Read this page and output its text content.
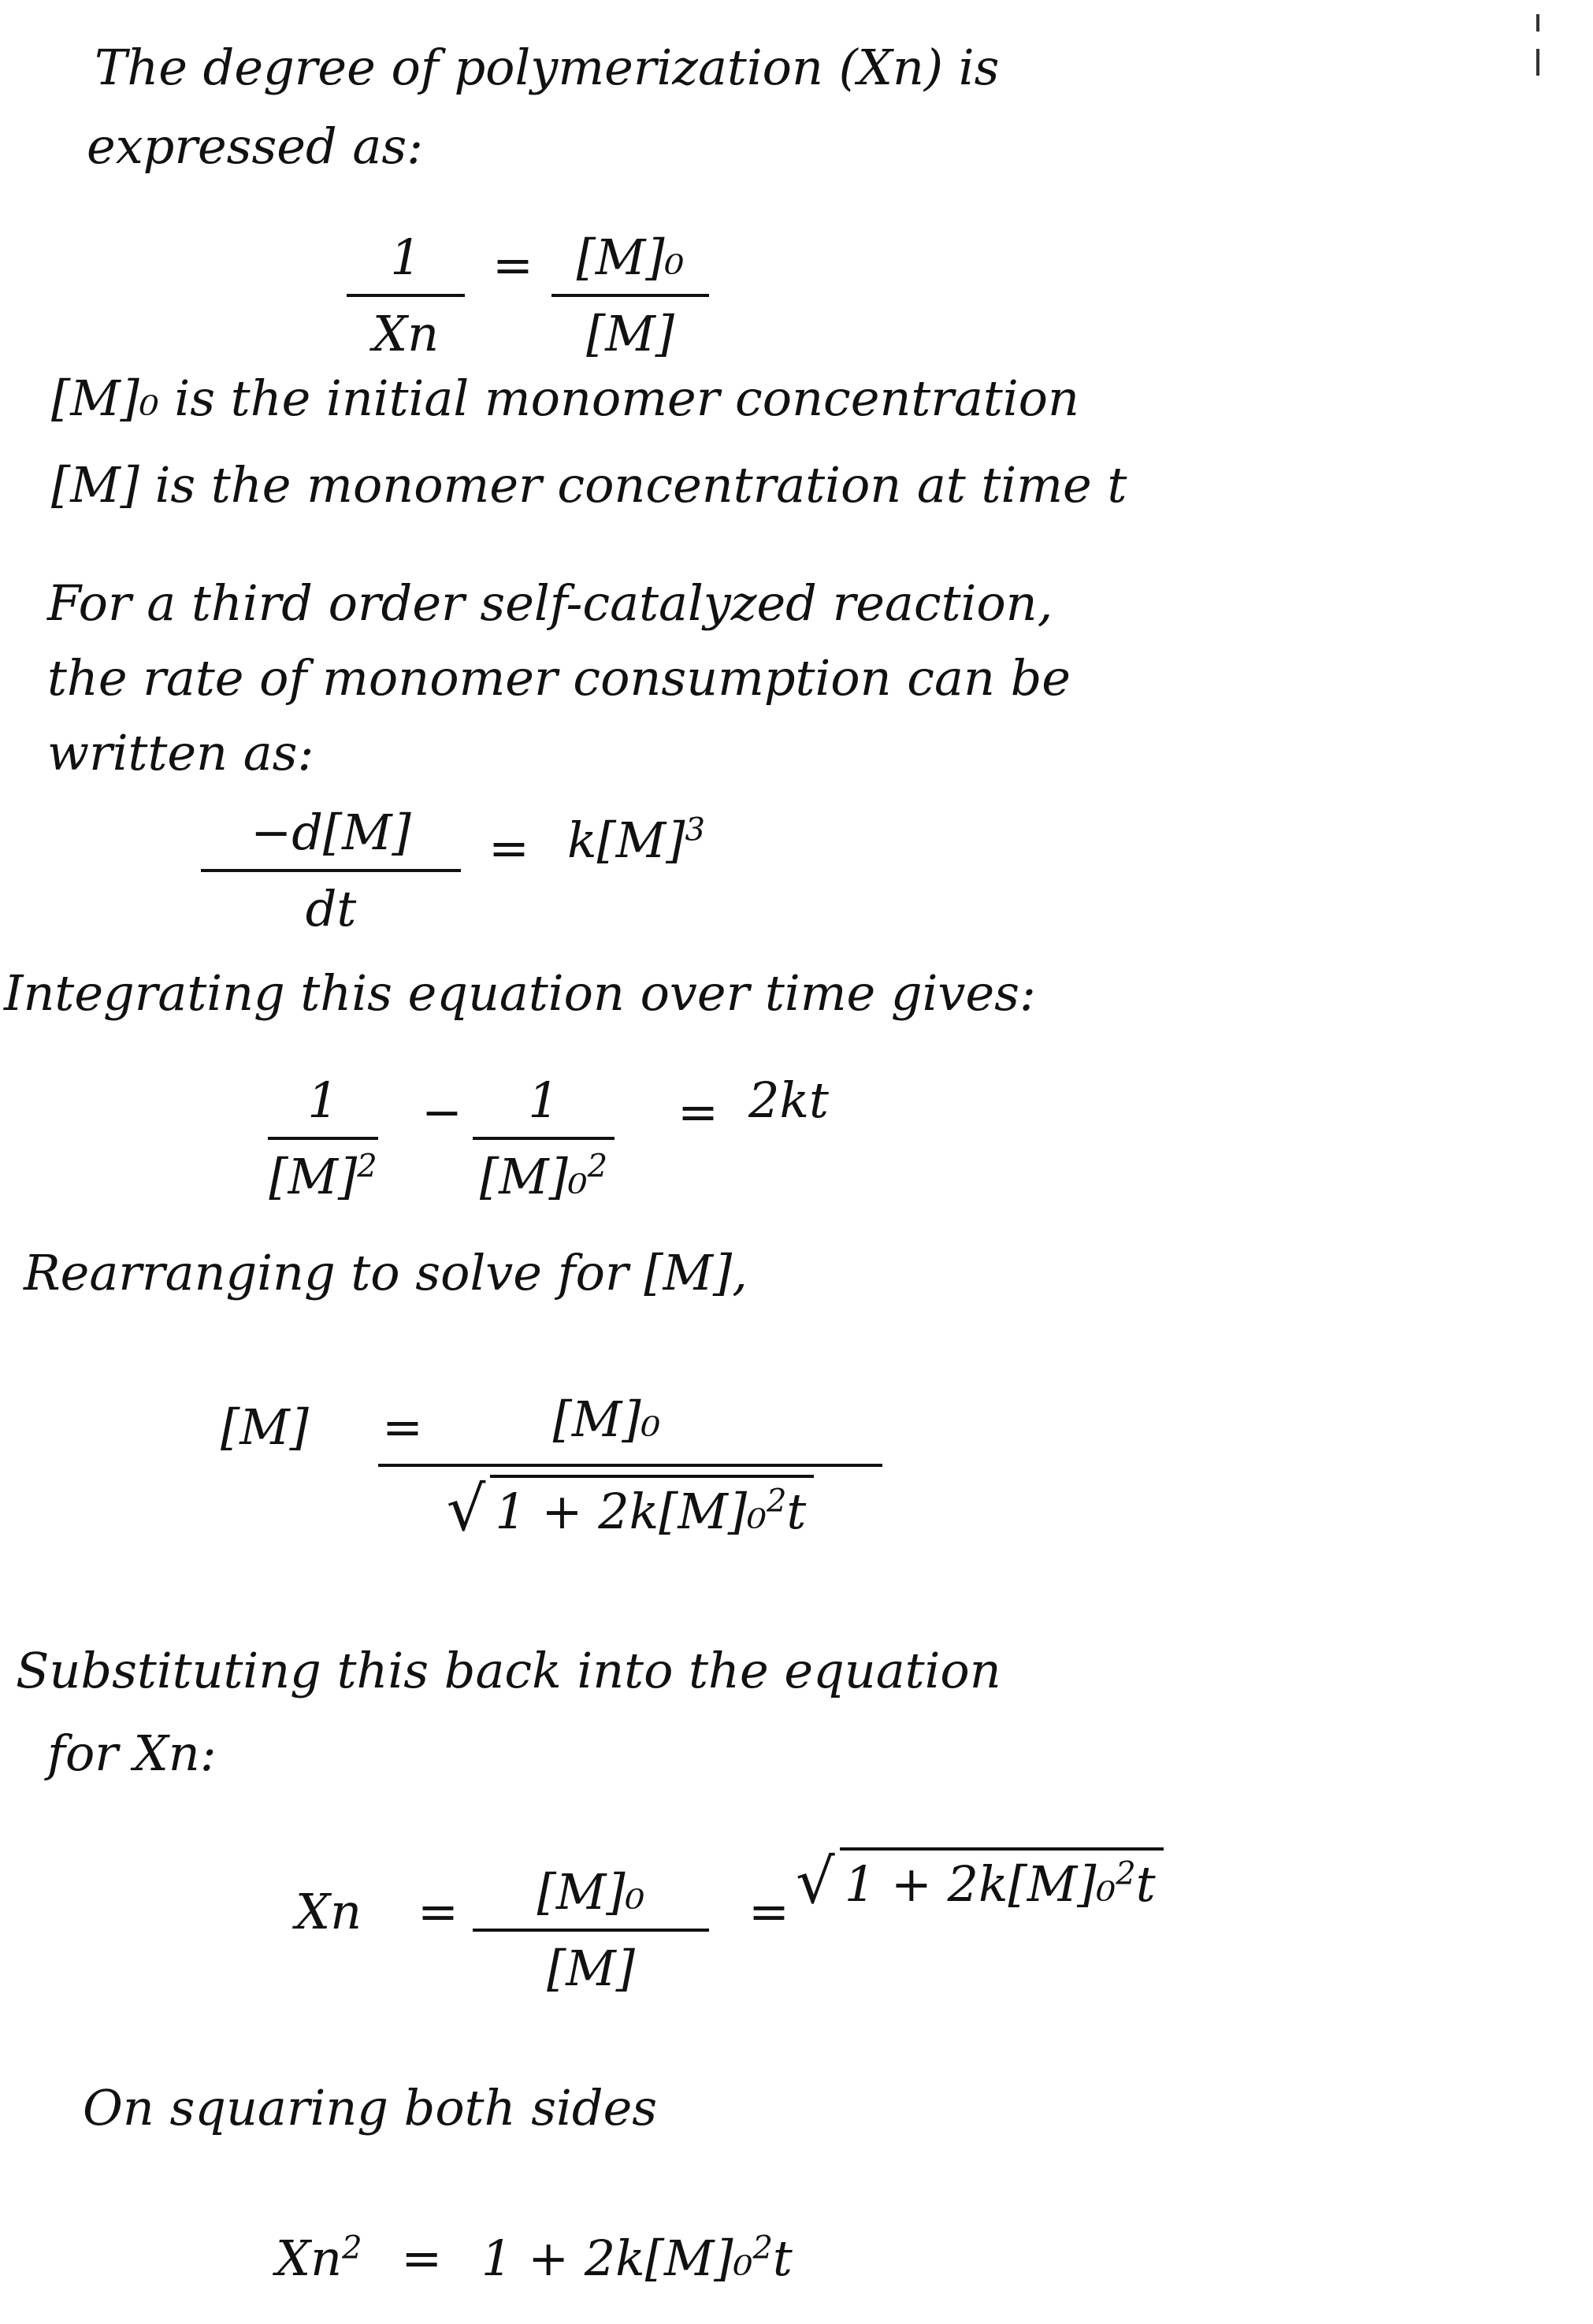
The degree of polymerization (Xn) is
expressed as:
1
Xn
= [M]₀
[M]
[M]₀ is the initial monomer concentration
[M] is the monomer concentration at time t
For a third order self-catalyzed reaction,
the rate of monomer consumption can be
written as:
−d[M]
dt
= $k[M]^3$
Integrating this equation over time gives:
1
$[M]^2$
− 1
[M]₀$^2$
= 2kt
Rearranging to solve for [M],
[M] =	[M]₀
√ 1 + 2k[M]₀$^2$t
Substituting this back into the equation
for Xn:
Xn = [M]₀
[M]
= √ 1 + 2k[M]₀$^2$t
On squaring both sides
$Xn^2 = 1 + 2k[M]_0^2t$
